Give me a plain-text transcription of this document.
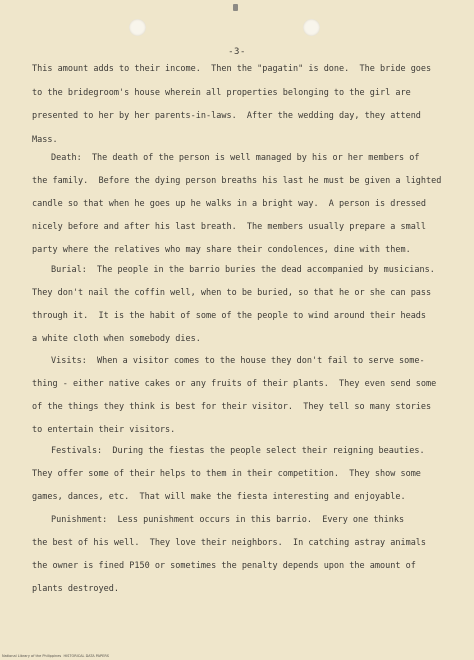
-3-
This amount adds to their income.  Then the "pagatin" is done.  The bride goes
to the bridegroom's house wherein all properties belonging to the girl are
presented to her by her parents-in-laws.  After the wedding day, they attend
Mass.
Death:  The death of the person is well managed by his or her members of
the family.  Before the dying person breaths his last he must be given a lighted
candle so that when he goes up he walks in a bright way.  A person is dressed
nicely before and after his last breath.  The members usually prepare a small
party where the relatives who may share their condolences, dine with them.
Burial:  The people in the barrio buries the dead accompanied by musicians.
They don't nail the coffin well, when to be buried, so that he or she can pass
through it.  It is the habit of some of the people to wind around their heads
a white cloth when somebody dies.
Visits:  When a visitor comes to the house they don't fail to serve some-
thing - either native cakes or any fruits of their plants.  They even send some
of the things they think is best for their visitor.  They tell so many stories
to entertain their visitors.
Festivals:  During the fiestas the people select their reigning beauties.
They offer some of their helps to them in their competition.  They show some
games, dances, etc.  That will make the fiesta interesting and enjoyable.
Punishment:  Less punishment occurs in this barrio.  Every one thinks
the best of his well.  They love their neighbors.  In catching astray animals
the owner is fined P150 or sometimes the penalty depends upon the amount of
plants destroyed.
National Library of the Philippines  HISTORICAL DATA PAPERS
